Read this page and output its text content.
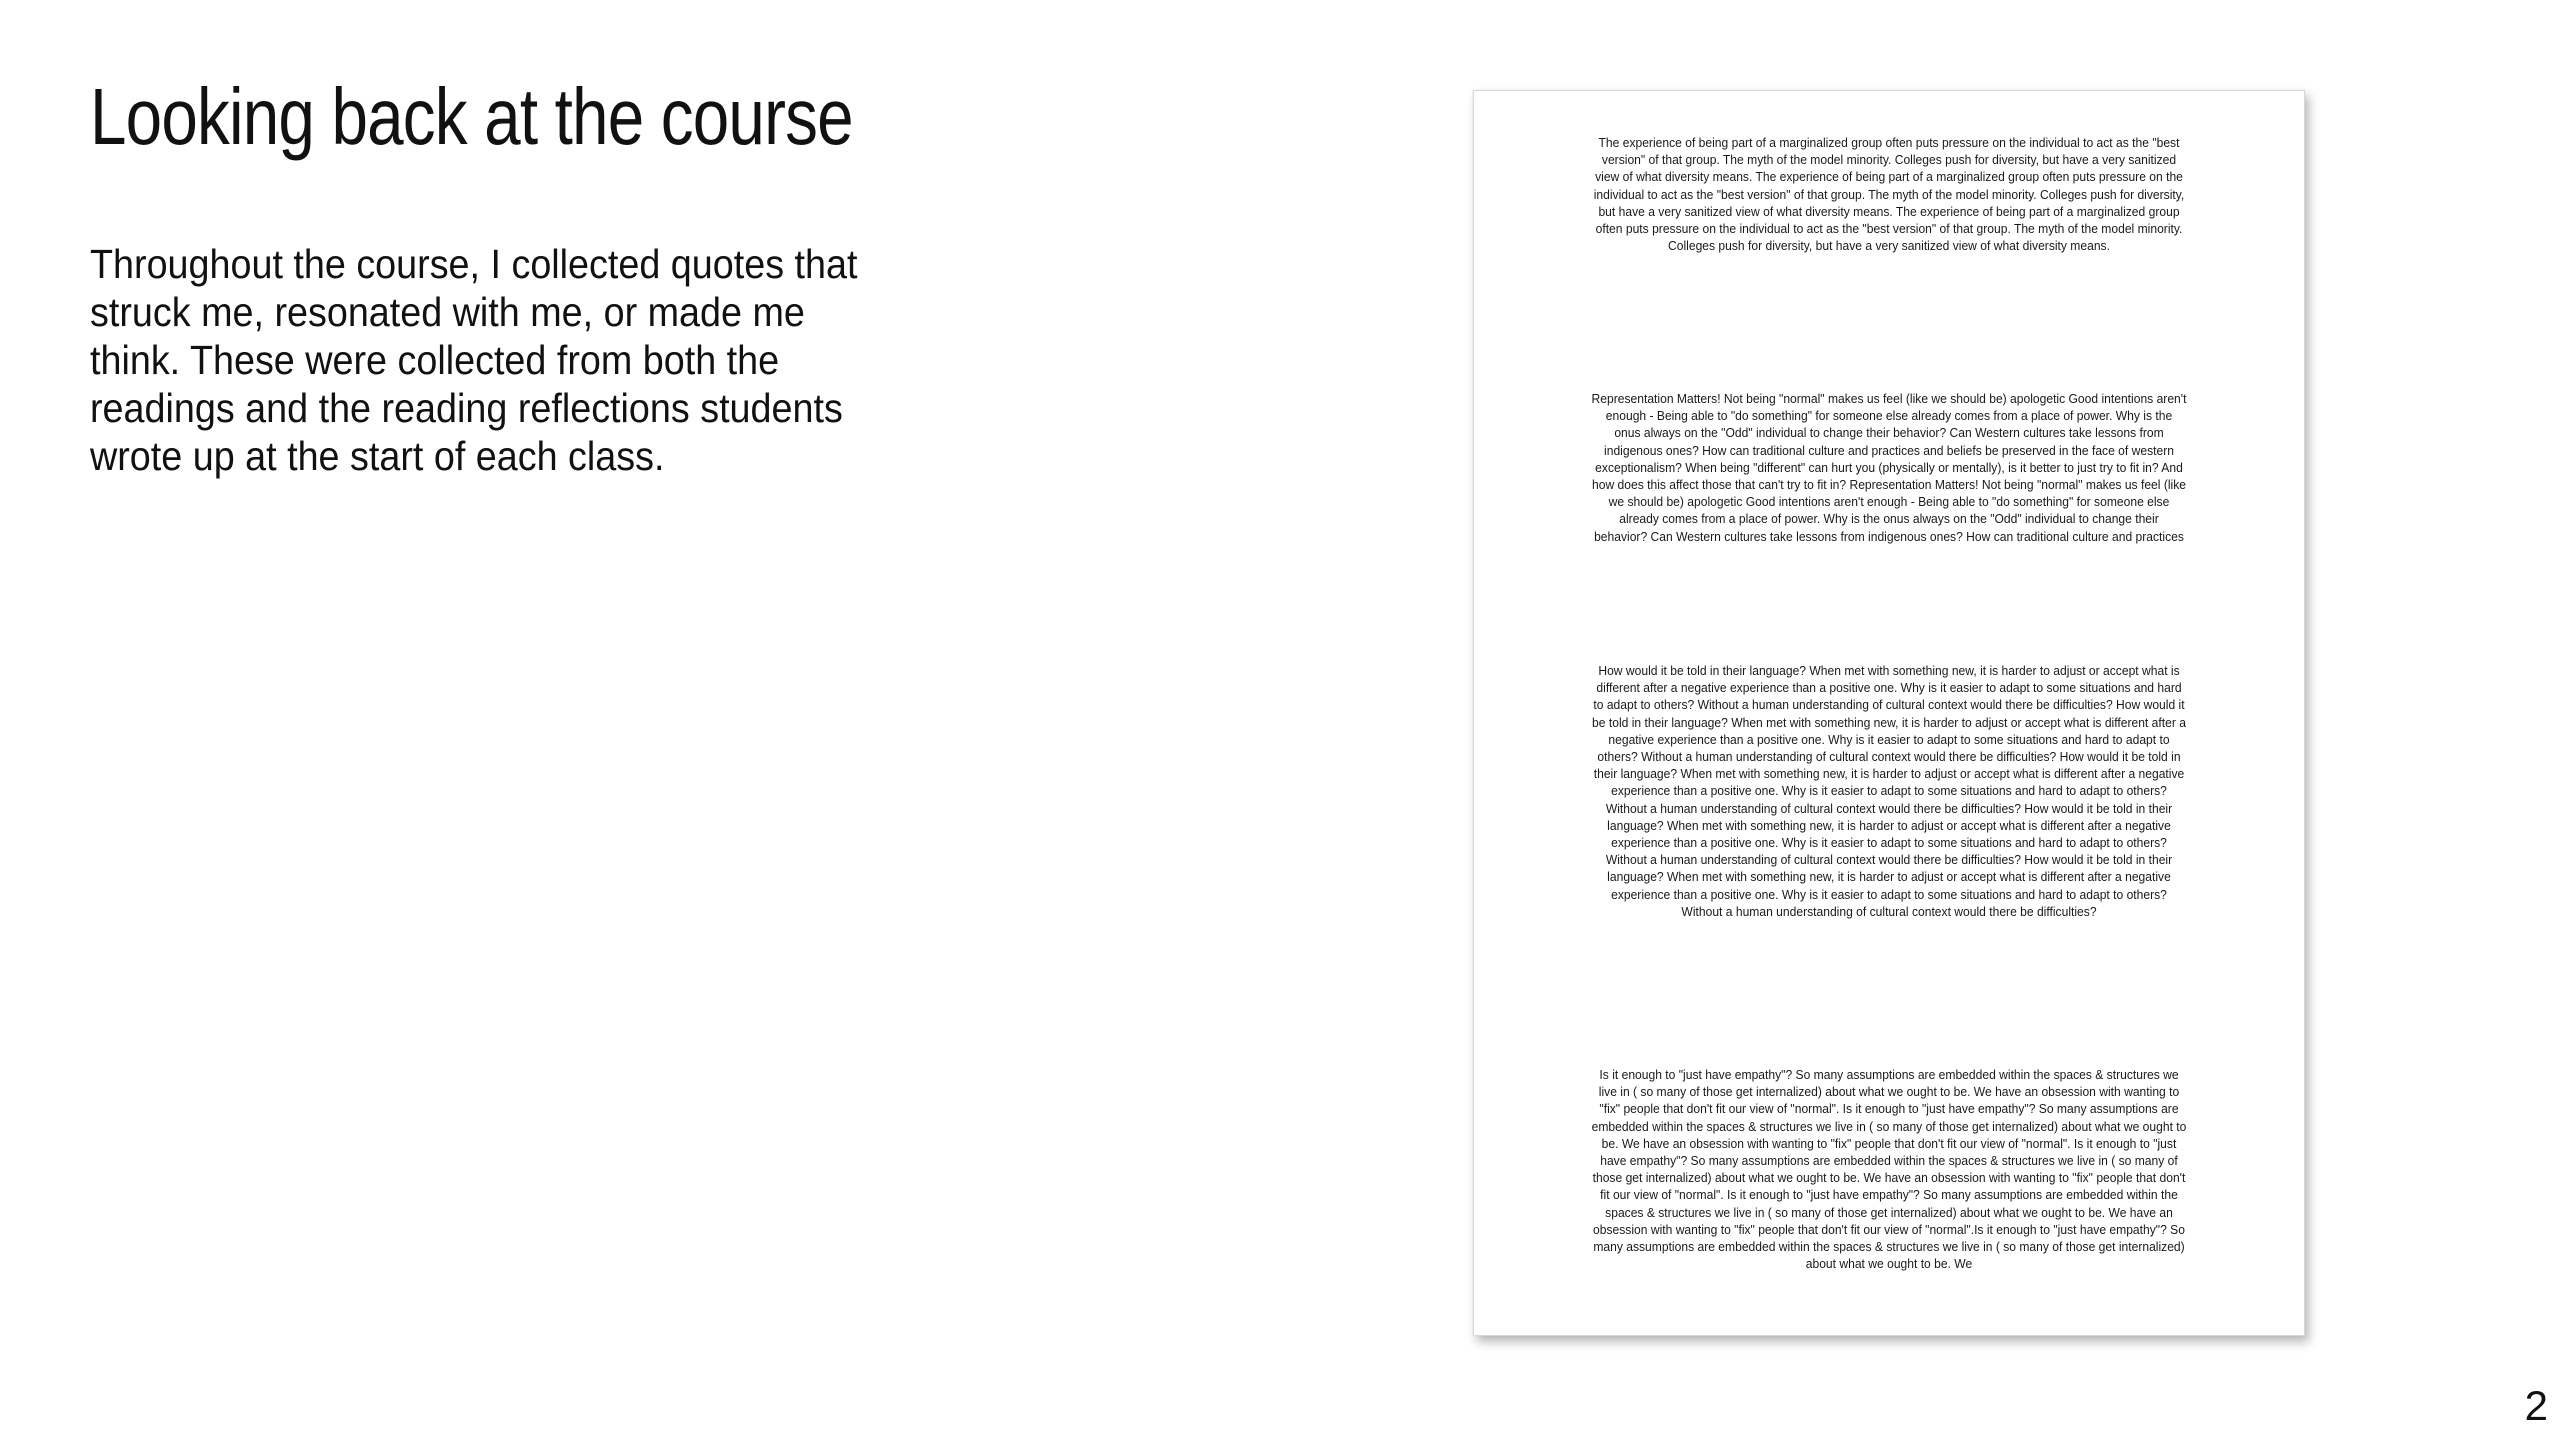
Looking back at the course

Throughout the course, I collected quotes that struck me, resonated with me, or made me think. These were collected from both the readings and the reading reflections students wrote up at the start of each class.

The experience of being part of a marginalized group often puts pressure on the individual to act as the "best version" of that group. The myth of the model minority. Colleges push for diversity, but have a very sanitized view of what diversity means. The experience of being part of a marginalized group often puts pressure on the individual to act as the "best version" of that group. The myth of the model minority. Colleges push for diversity, but have a very sanitized view of what diversity means. The experience of being part of a marginalized group often puts pressure on the individual to act as the "best version" of that group. The myth of the model minority. Colleges push for diversity, but have a very sanitized view of what diversity means.

Representation Matters! Not being "normal" makes us feel (like we should be) apologetic Good intentions aren't enough - Being able to "do something" for someone else already comes from a place of power. Why is the onus always on the "Odd" individual to change their behavior? Can Western cultures take lessons from indigenous ones? How can traditional culture and practices and beliefs be preserved in the face of western exceptionalism? When being "different" can hurt you (physically or mentally), is it better to just try to fit in? And how does this affect those that can't try to fit in? Representation Matters! Not being "normal" makes us feel (like we should be) apologetic Good intentions aren't enough - Being able to "do something" for someone else already comes from a place of power. Why is the onus always on the "Odd" individual to change their behavior? Can Western cultures take lessons from indigenous ones? How can traditional culture and practices

How would it be told in their language? When met with something new, it is harder to adjust or accept what is different after a negative experience than a positive one. Why is it easier to adapt to some situations and hard to adapt to others? Without a human understanding of cultural context would there be difficulties? How would it be told in their language? When met with something new, it is harder to adjust or accept what is different after a negative experience than a positive one. Why is it easier to adapt to some situations and hard to adapt to others? Without a human understanding of cultural context would there be difficulties? How would it be told in their language? When met with something new, it is harder to adjust or accept what is different after a negative experience than a positive one. Why is it easier to adapt to some situations and hard to adapt to others? Without a human understanding of cultural context would there be difficulties? How would it be told in their language? When met with something new, it is harder to adjust or accept what is different after a negative experience than a positive one. Why is it easier to adapt to some situations and hard to adapt to others? Without a human understanding of cultural context would there be difficulties? How would it be told in their language? When met with something new, it is harder to adjust or accept what is different after a negative experience than a positive one. Why is it easier to adapt to some situations and hard to adapt to others? Without a human understanding of cultural context would there be difficulties?

Is it enough to "just have empathy"? So many assumptions are embedded within the spaces & structures we live in ( so many of those get internalized) about what we ought to be. We have an obsession with wanting to "fix" people that don't fit our view of "normal". Is it enough to "just have empathy"? So many assumptions are embedded within the spaces & structures we live in ( so many of those get internalized) about what we ought to be. We have an obsession with wanting to "fix" people that don't fit our view of "normal". Is it enough to "just have empathy"? So many assumptions are embedded within the spaces & structures we live in ( so many of those get internalized) about what we ought to be. We have an obsession with wanting to "fix" people that don't fit our view of "normal". Is it enough to "just have empathy"? So many assumptions are embedded within the spaces & structures we live in ( so many of those get internalized) about what we ought to be. We have an obsession with wanting to "fix" people that don't fit our view of "normal".Is it enough to "just have empathy"? So many assumptions are embedded within the spaces & structures we live in ( so many of those get internalized) about what we ought to be. We

2
